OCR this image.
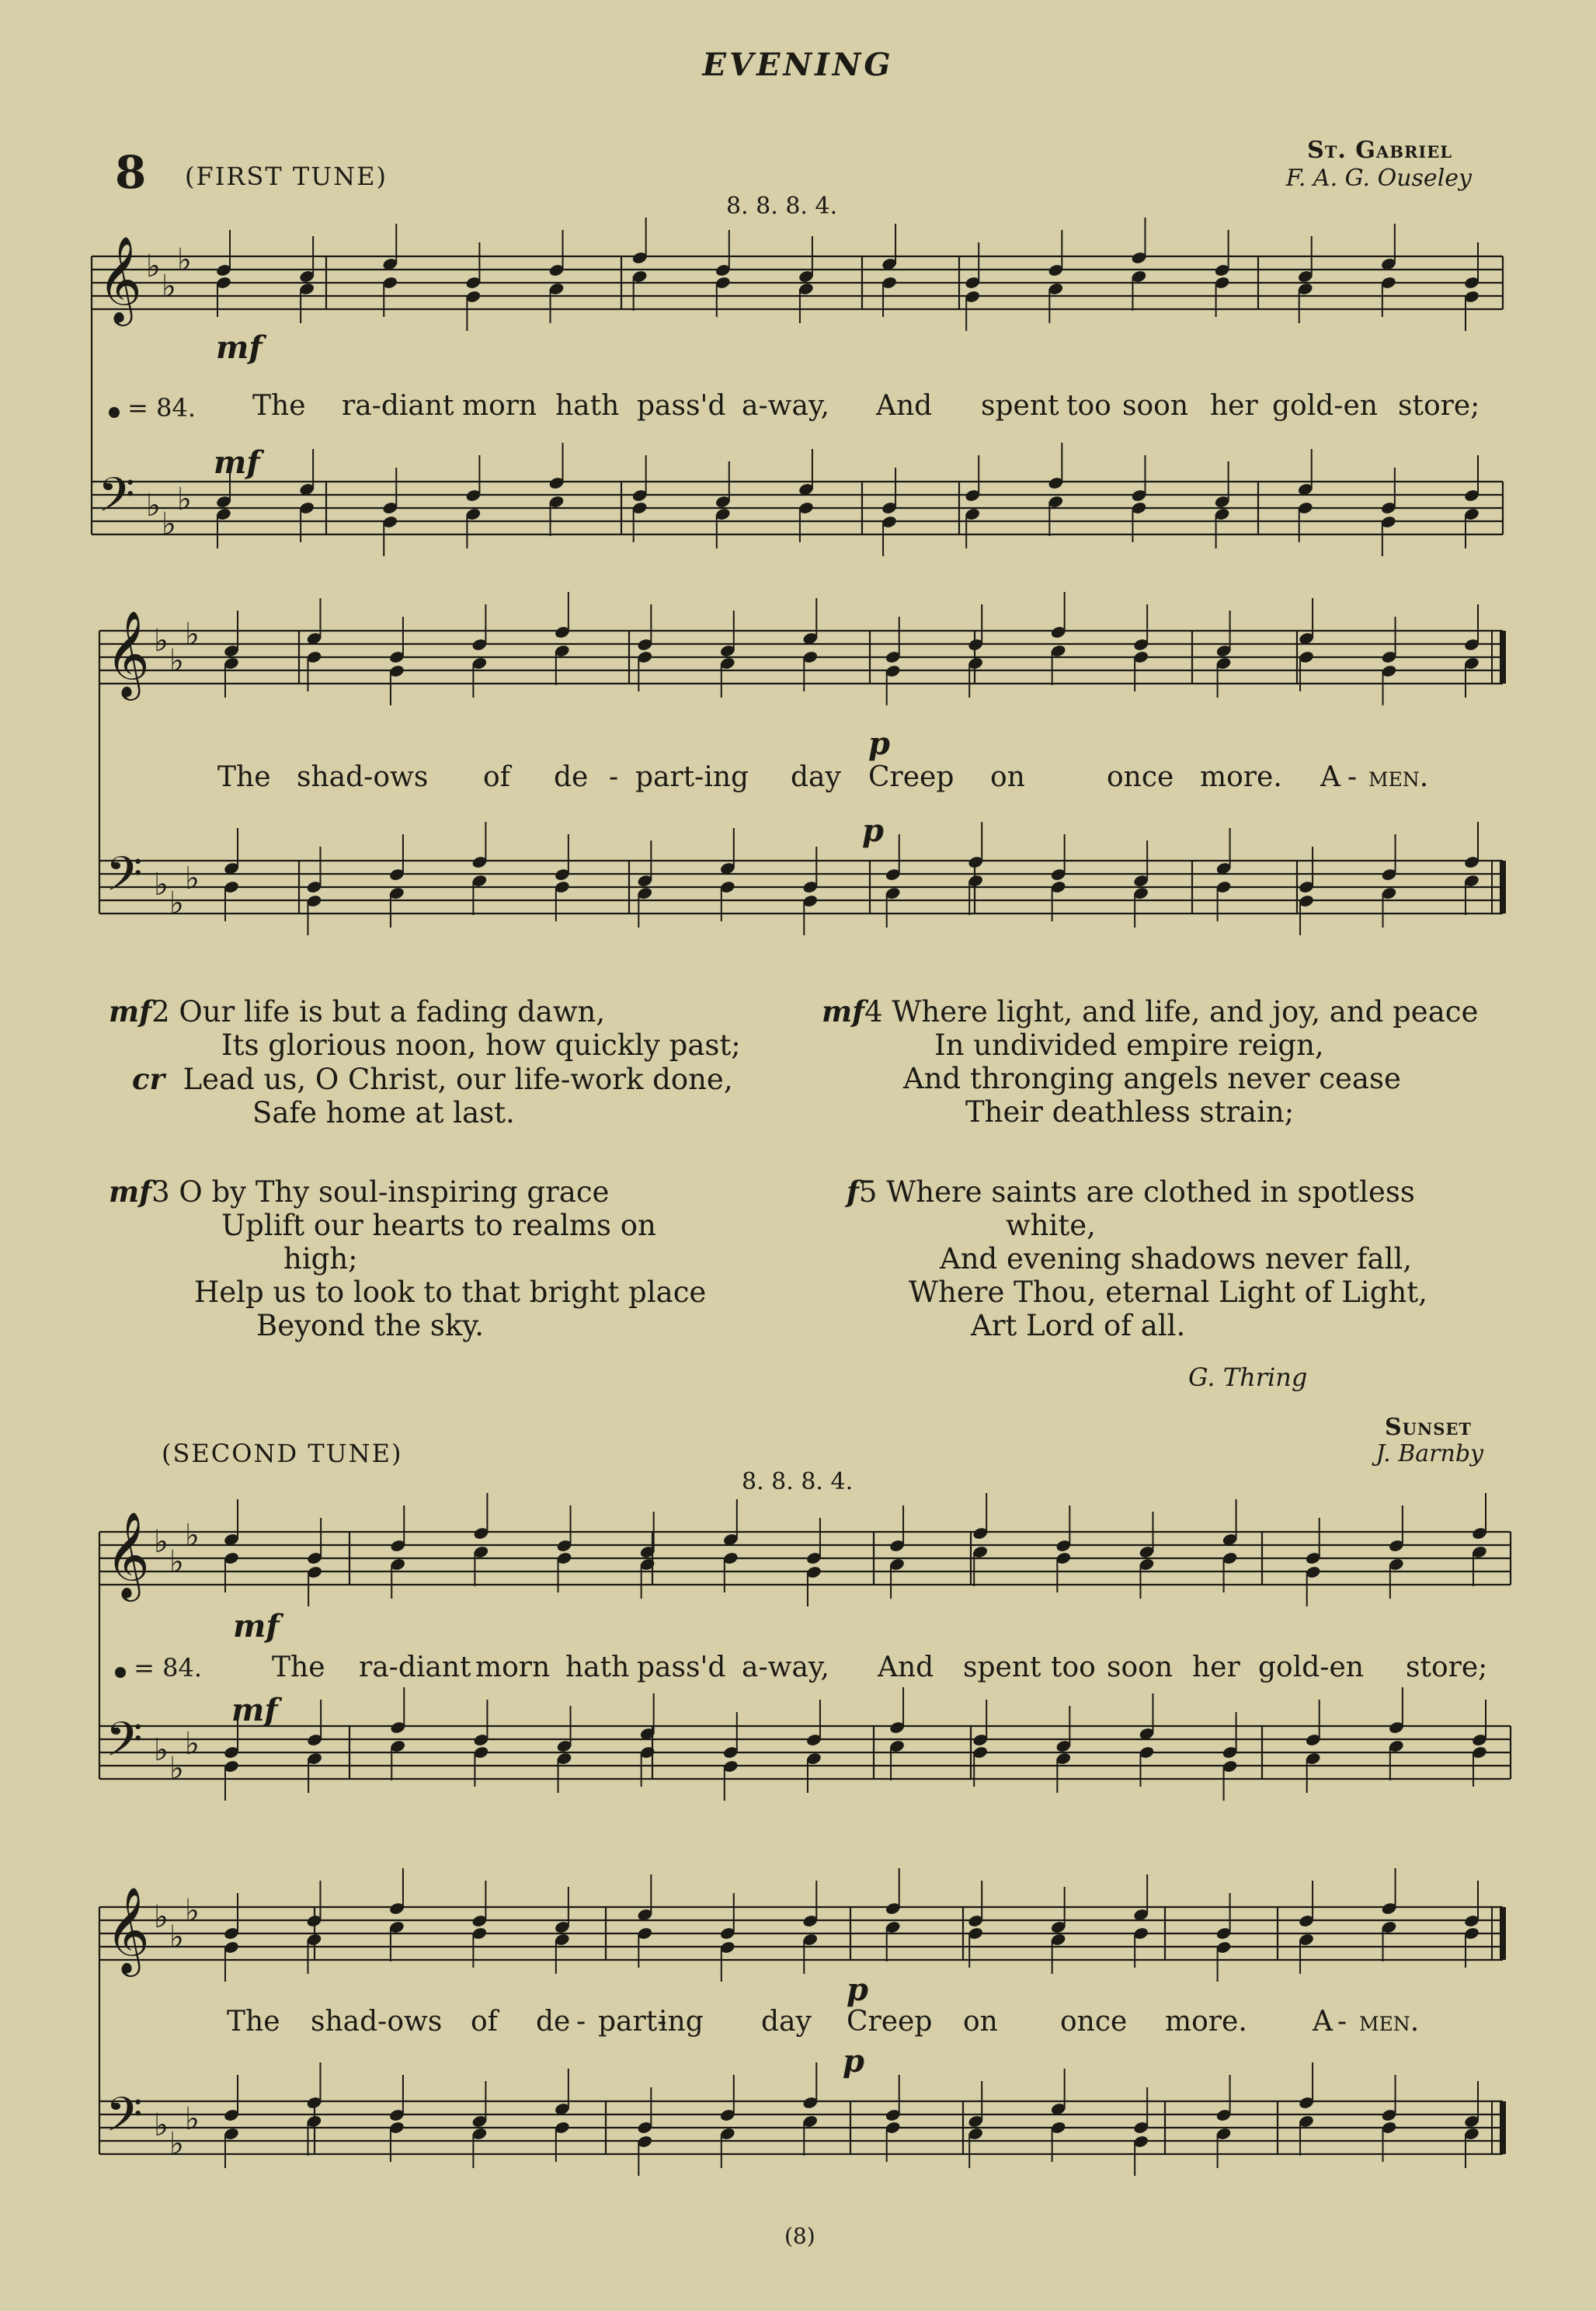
EVENING
8 (FIRST TUNE)
8. 8. 8. 4.
St. Gabriel
F. A. G. Ouseley
(SECOND TUNE)
8. 8. 8. 4.
Sunset
J. Barnby
𝄞 ♭
♭
♭
𝄢 ♭
♭
♭
𝄞 ♭
♭
♭
𝄢 ♭
♭
♭
𝄞 ♭
♭
♭
𝄢 ♭
♭
♭
𝄞 ♭
♭
♭
𝄢 ♭
♭
♭
mf
= 84. The ra-diant morn hath pass'd a-way, And spent too soon her gold-en store;
mf
The shad-ows of de - part-ing day Creep on	once more. A - men.
p
p
mf2 Our life is but a fading dawn,
Its glorious noon, how quickly past;
cr Lead us, O Christ, our life-work done,
Safe home at last.
mf3 O by Thy soul-inspiring grace
Uplift our hearts to realms on
high;
Help us to look to that bright place
Beyond the sky.
mf4 Where light, and life, and joy, and peace
In undivided empire reign,
And thronging angels never cease
Their deathless strain;
f5 Where saints are clothed in spotless
white,
And evening shadows never fall,
Where Thou, eternal Light of Light,
Art Lord of all.
G. Thring
mf
= 84. The ra-diant morn hath pass'd a-way, And spent too soon her gold-en store;
mf
The shad-ows of de - part-
ing day Creep on once more. A - men.
p
p
(8)
